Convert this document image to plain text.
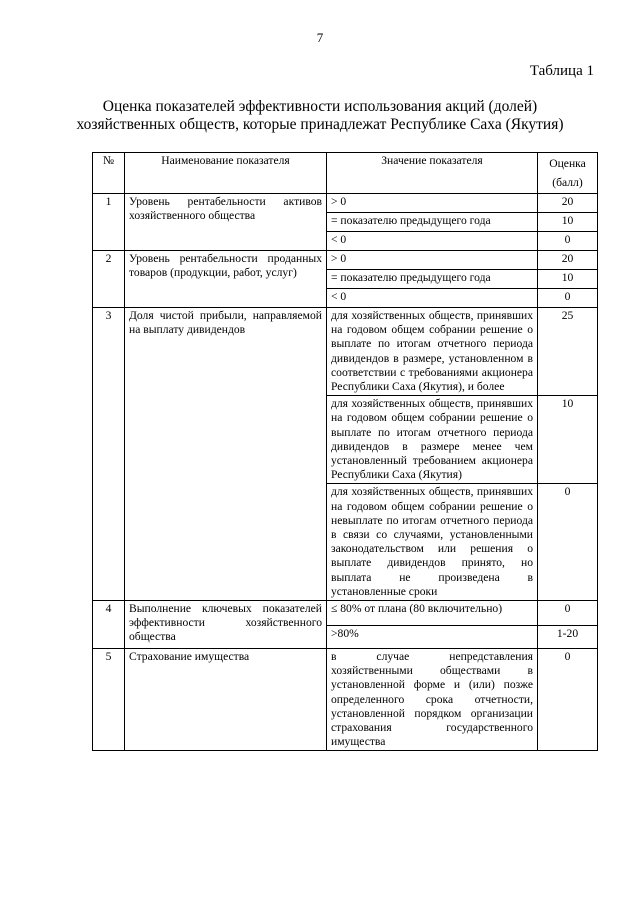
7
Таблица 1
Оценка показателей эффективности использования акций (долей)
хозяйственных обществ, которые принадлежат Республике Саха (Якутия)
№	Наименование показателя	Значение показателя	Оценка (балл)
1	Уровень рентабельности активов хозяйственного общества	> 0	20
		= показателю предыдущего года	10
		< 0	0
2	Уровень рентабельности проданных товаров (продукции, работ, услуг)	> 0	20
		= показателю предыдущего года	10
		< 0	0
3	Доля чистой прибыли, направляемой на выплату дивидендов	для хозяйственных обществ, принявших на годовом общем собрании решение о выплате по итогам отчетного периода дивидендов в размере, установленном в соответствии с требованиями акционера Республики Саха (Якутия), и более	25
		для хозяйственных обществ, принявших на годовом общем собрании решение о выплате по итогам отчетного периода дивидендов в размере менее чем установленный требованием акционера Республики Саха (Якутия)	10
		для хозяйственных обществ, принявших на годовом общем собрании решение о невыплате по итогам отчетного периода в связи со случаями, установленными законодательством или решения о выплате дивидендов принято, но выплата не произведена в установленные сроки	0
4	Выполнение ключевых показателей эффективности хозяйственного общества	≤ 80% от плана (80 включительно)	0
		>80%	1-20
5	Страхование имущества	в случае непредставления хозяйственными обществами в установленной форме и (или) позже определенного срока отчетности, установленной порядком организации страхования государственного имущества	0
